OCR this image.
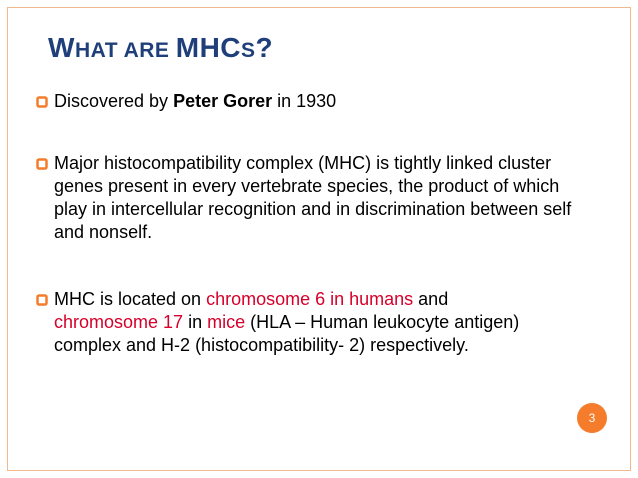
WHAT ARE MHCS?
Discovered by Peter Gorer in 1930
Major histocompatibility complex (MHC) is tightly linked cluster genes present in every vertebrate species, the product of which play in intercellular recognition and in discrimination between self and nonself.
MHC is located on chromosome 6 in humans and chromosome 17 in mice (HLA – Human leukocyte antigen) complex and H-2 (histocompatibility- 2) respectively.
3
